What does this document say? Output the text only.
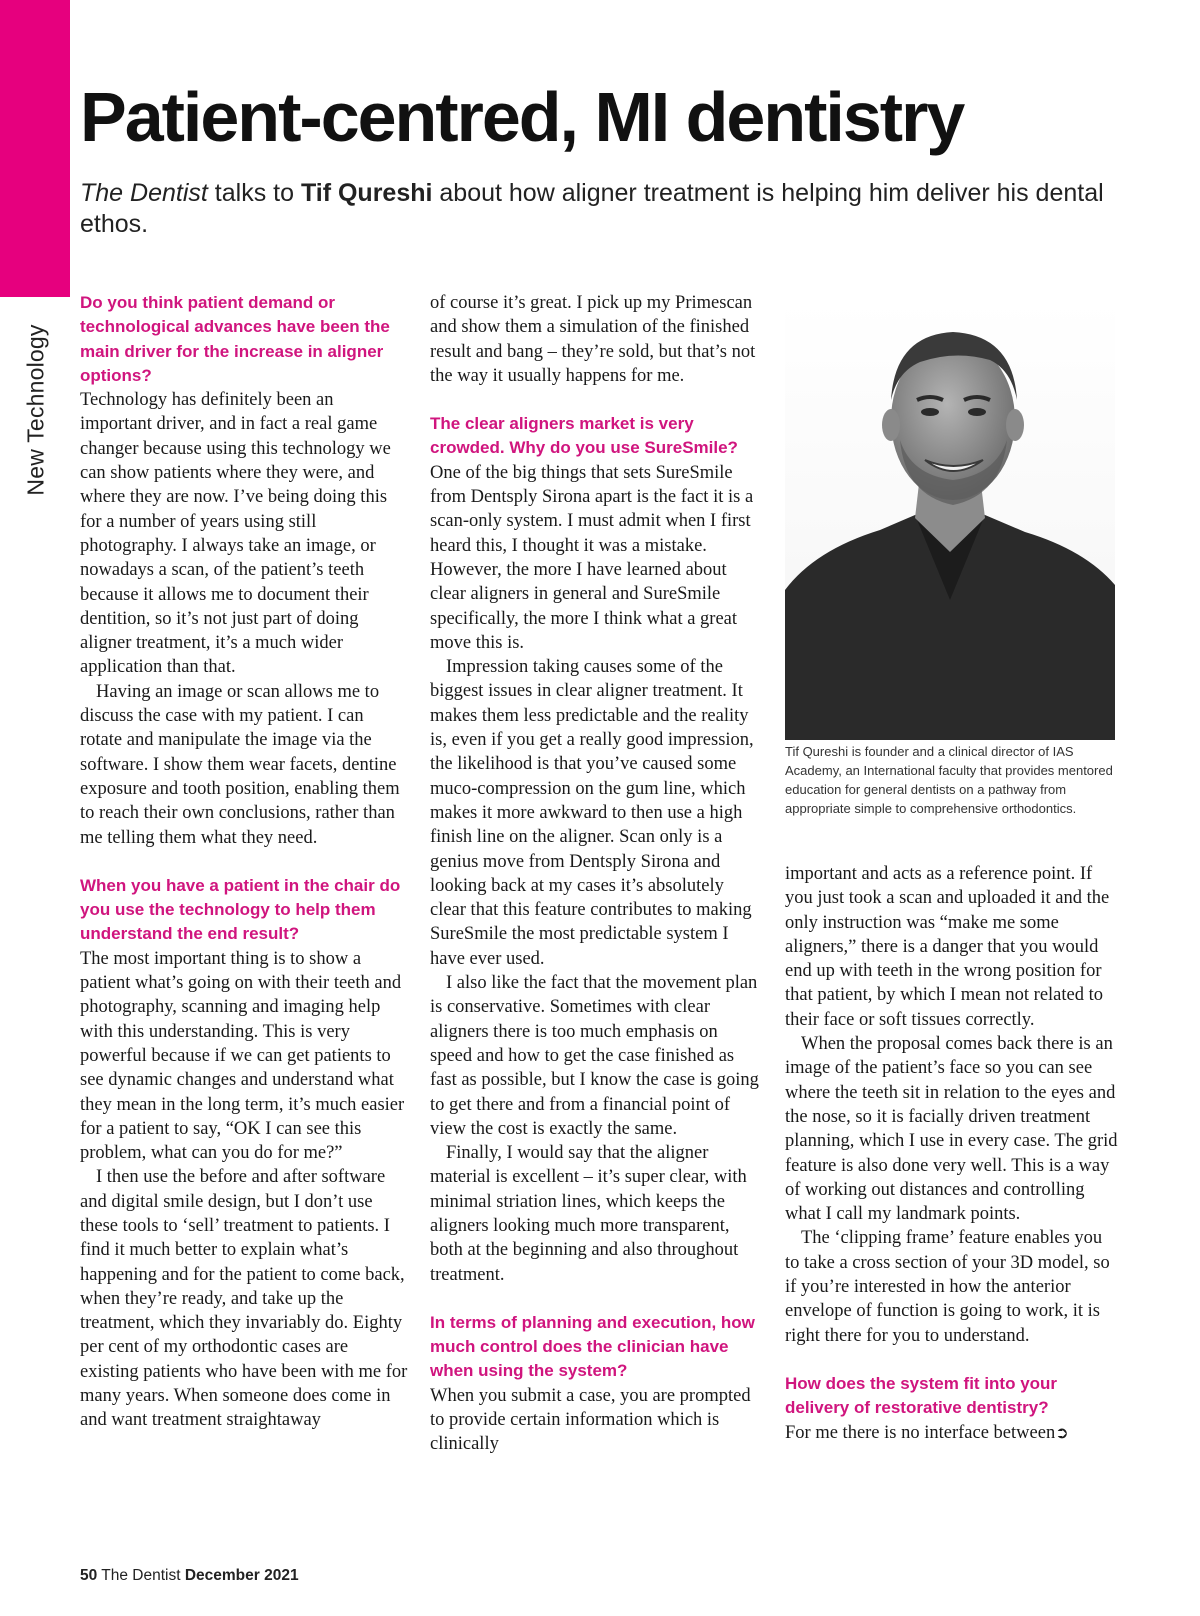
New Technology
Patient-centred, MI dentistry

The Dentist talks to Tif Qureshi about how aligner treatment is helping him deliver his dental ethos.

Do you think patient demand or technological advances have been the main driver for the increase in aligner options?

Technology has definitely been an important driver, and in fact a real game changer because using this technology we can show patients where they were, and where they are now. I’ve being doing this for a number of years using still photography. I always take an image, or nowadays a scan, of the patient’s teeth because it allows me to document their dentition, so it’s not just part of doing aligner treatment, it’s a much wider application than that.

Having an image or scan allows me to discuss the case with my patient. I can rotate and manipulate the image via the software. I show them wear facets, dentine exposure and tooth position, enabling them to reach their own conclusions, rather than me telling them what they need.

When you have a patient in the chair do you use the technology to help them understand the end result?

The most important thing is to show a patient what’s going on with their teeth and photography, scanning and imaging help with this understanding. This is very powerful because if we can get patients to see dynamic changes and understand what they mean in the long term, it’s much easier for a patient to say, “OK I can see this problem, what can you do for me?”

I then use the before and after software and digital smile design, but I don’t use these tools to ‘sell’ treatment to patients. I find it much better to explain what’s happening and for the patient to come back, when they’re ready, and take up the treatment, which they invariably do. Eighty per cent of my orthodontic cases are existing patients who have been with me for many years. When someone does come in and want treatment straightaway

of course it’s great. I pick up my Primescan and show them a simulation of the finished result and bang – they’re sold, but that’s not the way it usually happens for me.

The clear aligners market is very crowded. Why do you use SureSmile?

One of the big things that sets SureSmile from Dentsply Sirona apart is the fact it is a scan-only system. I must admit when I first heard this, I thought it was a mistake. However, the more I have learned about clear aligners in general and SureSmile specifically, the more I think what a great move this is.

Impression taking causes some of the biggest issues in clear aligner treatment. It makes them less predictable and the reality is, even if you get a really good impression, the likelihood is that you’ve caused some muco-compression on the gum line, which makes it more awkward to then use a high finish line on the aligner. Scan only is a genius move from Dentsply Sirona and looking back at my cases it’s absolutely clear that this feature contributes to making SureSmile the most predictable system I have ever used.

I also like the fact that the movement plan is conservative. Sometimes with clear aligners there is too much emphasis on speed and how to get the case finished as fast as possible, but I know the case is going to get there and from a financial point of view the cost is exactly the same.

Finally, I would say that the aligner material is excellent – it’s super clear, with minimal striation lines, which keeps the aligners looking much more transparent, both at the beginning and also throughout treatment.

In terms of planning and execution, how much control does the clinician have when using the system?

When you submit a case, you are prompted to provide certain information which is clinically

Tif Qureshi is founder and a clinical director of IAS Academy, an International faculty that provides mentored education for general dentists on a pathway from appropriate simple to comprehensive orthodontics.

important and acts as a reference point. If you just took a scan and uploaded it and the only instruction was “make me some aligners,” there is a danger that you would end up with teeth in the wrong position for that patient, by which I mean not related to their face or soft tissues correctly.

When the proposal comes back there is an image of the patient’s face so you can see where the teeth sit in relation to the eyes and the nose, so it is facially driven treatment planning, which I use in every case. The grid feature is also done very well. This is a way of working out distances and controlling what I call my landmark points.

The ‘clipping frame’ feature enables you to take a cross section of your 3D model, so if you’re interested in how the anterior envelope of function is going to work, it is right there for you to understand.

How does the system fit into your delivery of restorative dentistry?

For me there is no interface between➲

50 The Dentist December 2021
